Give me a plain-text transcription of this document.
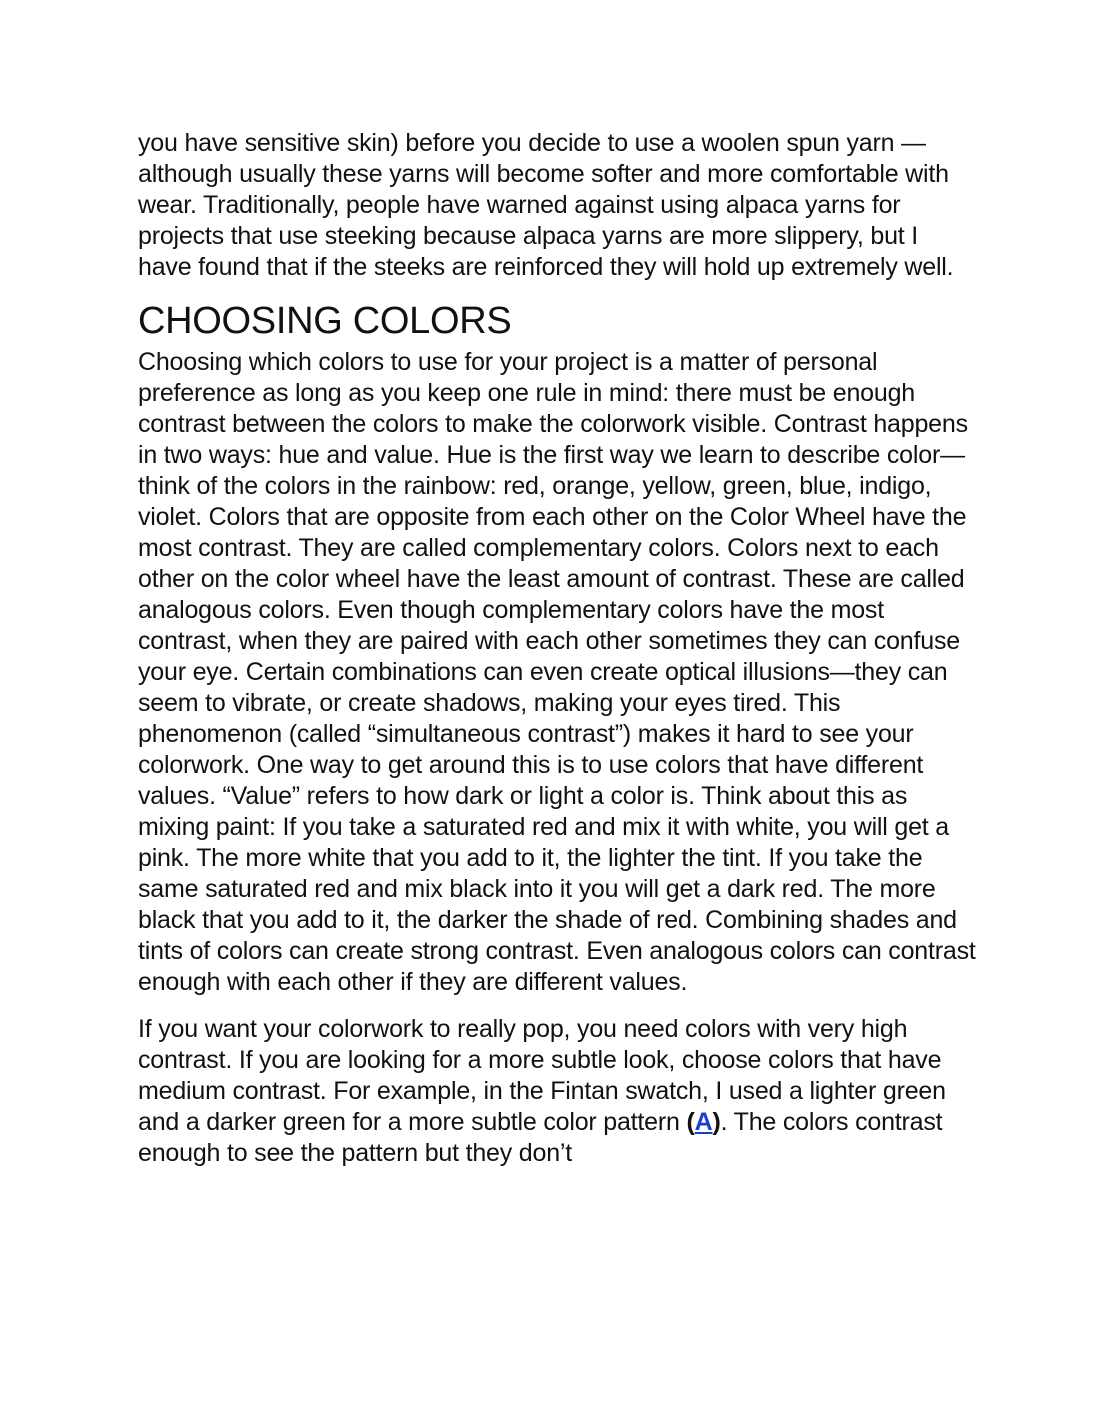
you have sensitive skin) before you decide to use a woolen spun yarn —although usually these yarns will become softer and more comfortable with wear. Traditionally, people have warned against using alpaca yarns for projects that use steeking because alpaca yarns are more slippery, but I have found that if the steeks are reinforced they will hold up extremely well.

CHOOSING COLORS

Choosing which colors to use for your project is a matter of personal preference as long as you keep one rule in mind: there must be enough contrast between the colors to make the colorwork visible. Contrast happens in two ways: hue and value. Hue is the first way we learn to describe color—think of the colors in the rainbow: red, orange, yellow, green, blue, indigo, violet. Colors that are opposite from each other on the Color Wheel have the most contrast. They are called complementary colors. Colors next to each other on the color wheel have the least amount of contrast. These are called analogous colors. Even though complementary colors have the most contrast, when they are paired with each other sometimes they can confuse your eye. Certain combinations can even create optical illusions—they can seem to vibrate, or create shadows, making your eyes tired. This phenomenon (called “simultaneous contrast”) makes it hard to see your colorwork. One way to get around this is to use colors that have different values. “Value” refers to how dark or light a color is. Think about this as mixing paint: If you take a saturated red and mix it with white, you will get a pink. The more white that you add to it, the lighter the tint. If you take the same saturated red and mix black into it you will get a dark red. The more black that you add to it, the darker the shade of red. Combining shades and tints of colors can create strong contrast. Even analogous colors can contrast enough with each other if they are different values.

If you want your colorwork to really pop, you need colors with very high contrast. If you are looking for a more subtle look, choose colors that have medium contrast. For example, in the Fintan swatch, I used a lighter green and a darker green for a more subtle color pattern (A). The colors contrast enough to see the pattern but they don’t
